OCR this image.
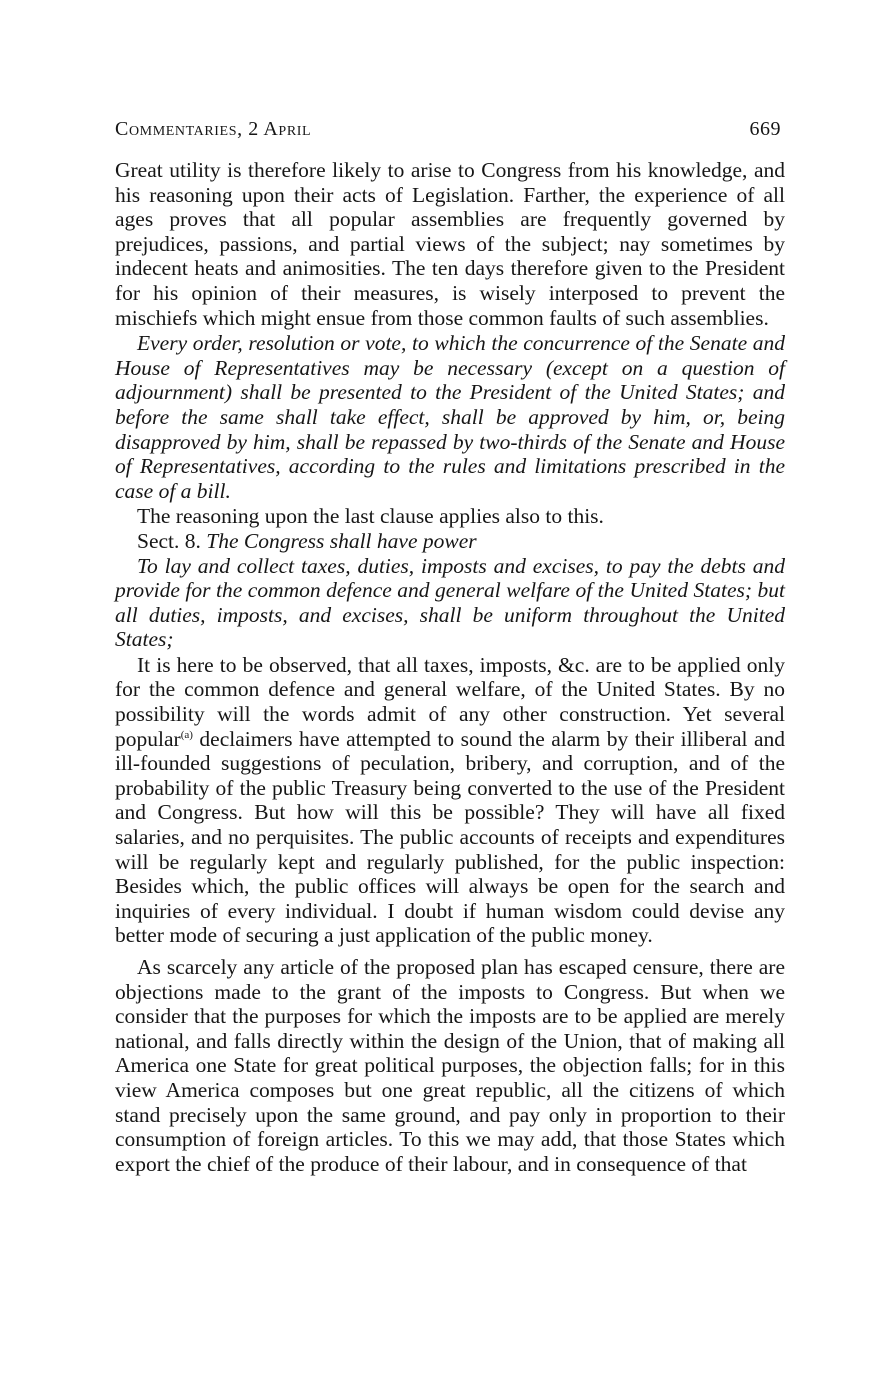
Commentaries, 2 April	669

Great utility is therefore likely to arise to Congress from his knowledge, and his reasoning upon their acts of Legislation. Farther, the experience of all ages proves that all popular assemblies are frequently governed by prejudices, passions, and partial views of the subject; nay sometimes by indecent heats and animosities. The ten days therefore given to the President for his opinion of their measures, is wisely interposed to prevent the mischiefs which might ensue from those common faults of such assemblies.

Every order, resolution or vote, to which the concurrence of the Senate and House of Representatives may be necessary (except on a question of adjournment) shall be presented to the President of the United States; and before the same shall take effect, shall be approved by him, or, being disapproved by him, shall be repassed by two-thirds of the Senate and House of Representatives, according to the rules and limitations prescribed in the case of a bill.

The reasoning upon the last clause applies also to this.

Sect. 8. The Congress shall have power

To lay and collect taxes, duties, imposts and excises, to pay the debts and provide for the common defence and general welfare of the United States; but all duties, imposts, and excises, shall be uniform throughout the United States;

It is here to be observed, that all taxes, imposts, &c. are to be applied only for the common defence and general welfare, of the United States. By no possibility will the words admit of any other construction. Yet several popular$^{(a)}$ declaimers have attempted to sound the alarm by their illiberal and ill-founded suggestions of peculation, bribery, and corruption, and of the probability of the public Treasury being converted to the use of the President and Congress. But how will this be possible? They will have all fixed salaries, and no perquisites. The public accounts of receipts and expenditures will be regularly kept and regularly published, for the public inspection: Besides which, the public offices will always be open for the search and inquiries of every individual. I doubt if human wisdom could devise any better mode of securing a just application of the public money.

As scarcely any article of the proposed plan has escaped censure, there are objections made to the grant of the imposts to Congress. But when we consider that the purposes for which the imposts are to be applied are merely national, and falls directly within the design of the Union, that of making all America one State for great political purposes, the objection falls; for in this view America composes but one great republic, all the citizens of which stand precisely upon the same ground, and pay only in proportion to their consumption of foreign articles. To this we may add, that those States which export the chief of the produce of their labour, and in consequence of that
